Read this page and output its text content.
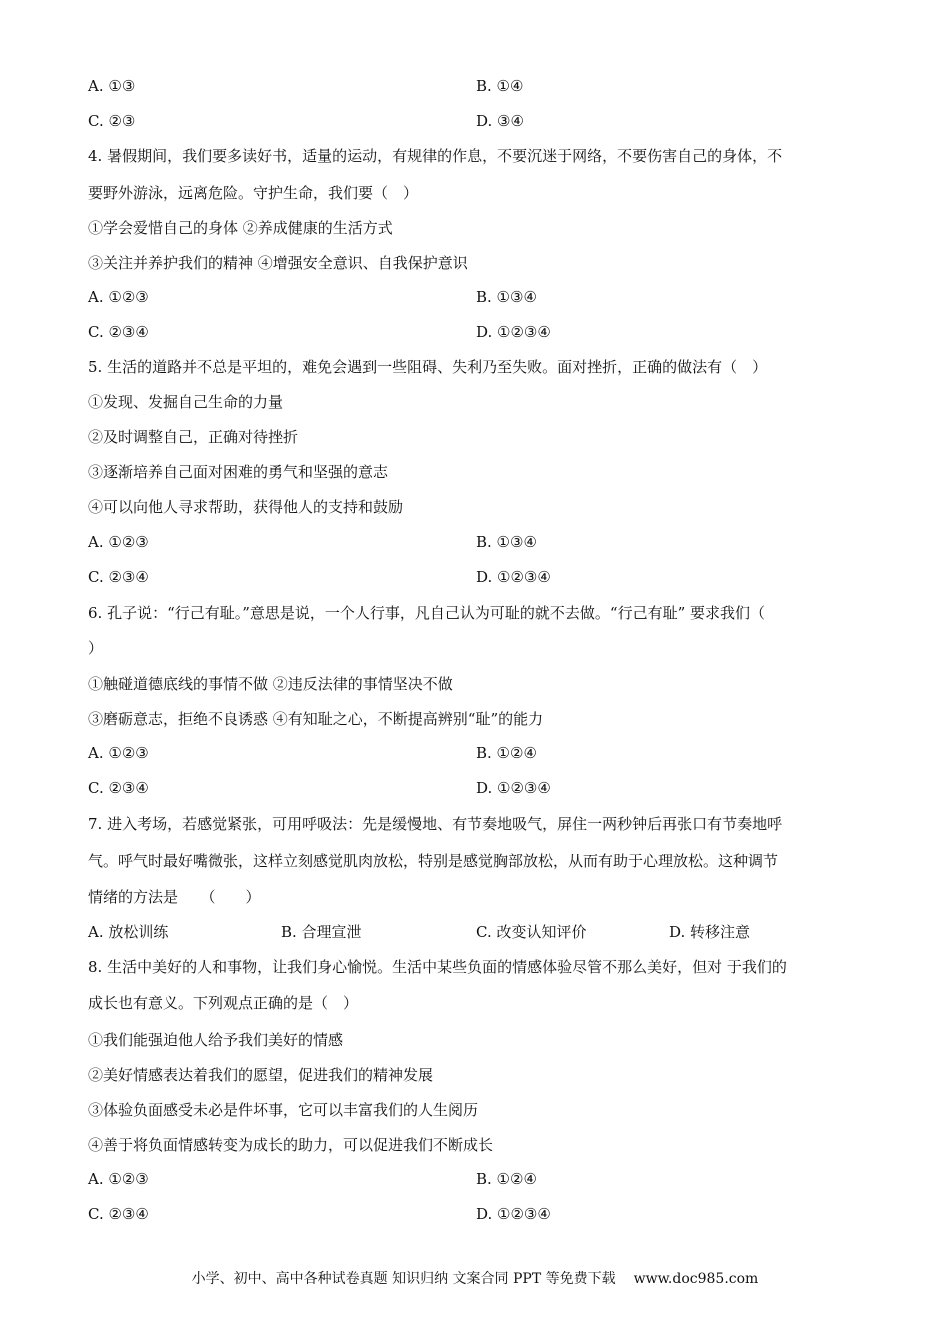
A. ①③	B. ①④
C. ②③	D. ③④
4. 暑假期间，我们要多读好书，适量的运动，有规律的作息，不要沉迷于网络，不要伤害自己的身体，不
要野外游泳，远离危险。守护生命，我们要（　）
①学会爱惜自己的身体 ②养成健康的生活方式
③关注并养护我们的精神 ④增强安全意识、自我保护意识
A. ①②③	B. ①③④
C. ②③④	D. ①②③④
5. 生活的道路并不总是平坦的，难免会遇到一些阻碍、失利乃至失败。面对挫折，正确的做法有（　）
①发现、发掘自己生命的力量
②及时调整自己，正确对待挫折
③逐渐培养自己面对困难的勇气和坚强的意志
④可以向他人寻求帮助，获得他人的支持和鼓励
A. ①②③	B. ①③④
C. ②③④	D. ①②③④
6. 孔子说：“行己有耻。”意思是说，一个人行事，凡自己认为可耻的就不去做。“行己有耻” 要求我们（
）
①触碰道德底线的事情不做 ②违反法律的事情坚决不做
③磨砺意志，拒绝不良诱惑 ④有知耻之心，不断提高辨别“耻”的能力
A. ①②③	B. ①②④
C. ②③④	D. ①②③④
7. 进入考场，若感觉紧张，可用呼吸法：先是缓慢地、有节奏地吸气，屏住一两秒钟后再张口有节奏地呼
气。呼气时最好嘴微张，这样立刻感觉肌肉放松，特别是感觉胸部放松，从而有助于心理放松。这种调节
情绪的方法是　　（　　）
A. 放松训练	B. 合理宣泄	C. 改变认知评价	D. 转移注意
8. 生活中美好的人和事物，让我们身心愉悦。生活中某些负面的情感体验尽管不那么美好，但对 于我们的
成长也有意义。下列观点正确的是（　）
①我们能强迫他人给予我们美好的情感
②美好情感表达着我们的愿望，促进我们的精神发展
③体验负面感受未必是件坏事，它可以丰富我们的人生阅历
④善于将负面情感转变为成长的助力，可以促进我们不断成长
A. ①②③	B. ①②④
C. ②③④	D. ①②③④
小学、初中、高中各种试卷真题 知识归纳 文案合同 PPT 等免费下载 www.doc985.com
